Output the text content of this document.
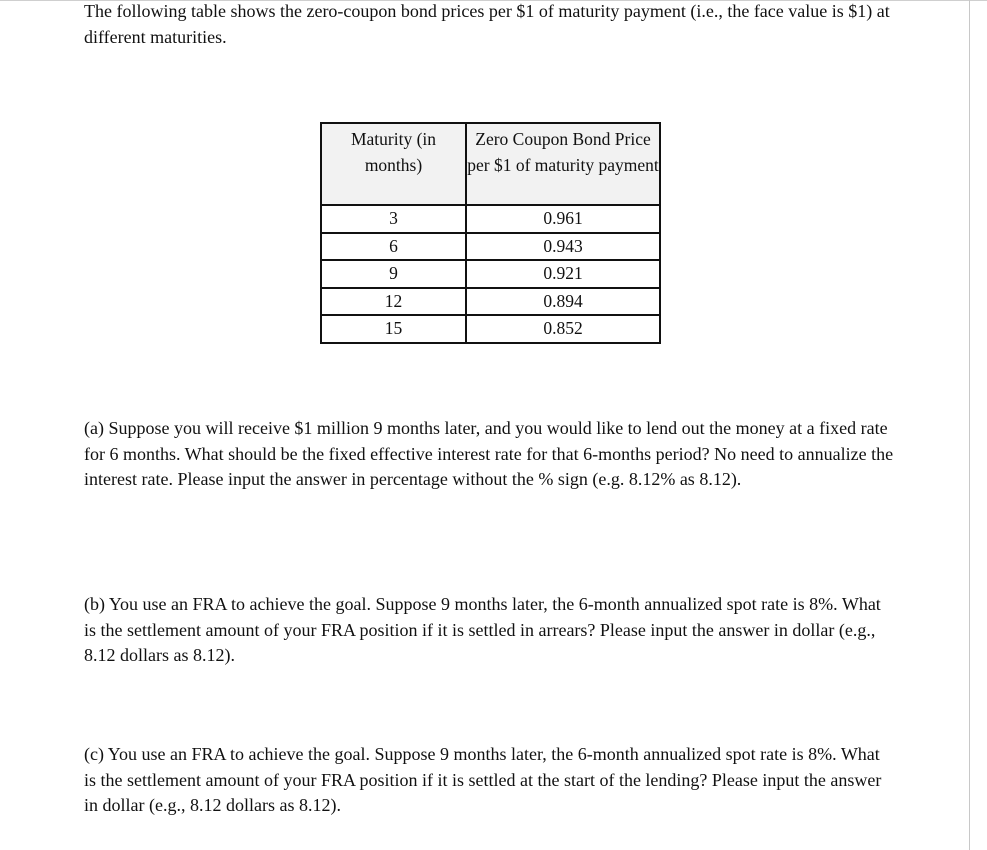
The following table shows the zero-coupon bond prices per $1 of maturity payment (i.e., the face value is $1) at different maturities.

Maturity (in months)	Zero Coupon Bond Price per $1 of maturity payment
3	0.961
6	0.943
9	0.921
12	0.894
15	0.852

(a) Suppose you will receive $1 million 9 months later, and you would like to lend out the money at a fixed rate for 6 months. What should be the fixed effective interest rate for that 6-months period? No need to annualize the interest rate. Please input the answer in percentage without the % sign (e.g. 8.12% as 8.12).

(b) You use an FRA to achieve the goal. Suppose 9 months later, the 6-month annualized spot rate is 8%. What is the settlement amount of your FRA position if it is settled in arrears? Please input the answer in dollar (e.g., 8.12 dollars as 8.12).

(c) You use an FRA to achieve the goal. Suppose 9 months later, the 6-month annualized spot rate is 8%. What is the settlement amount of your FRA position if it is settled at the start of the lending? Please input the answer in dollar (e.g., 8.12 dollars as 8.12).
